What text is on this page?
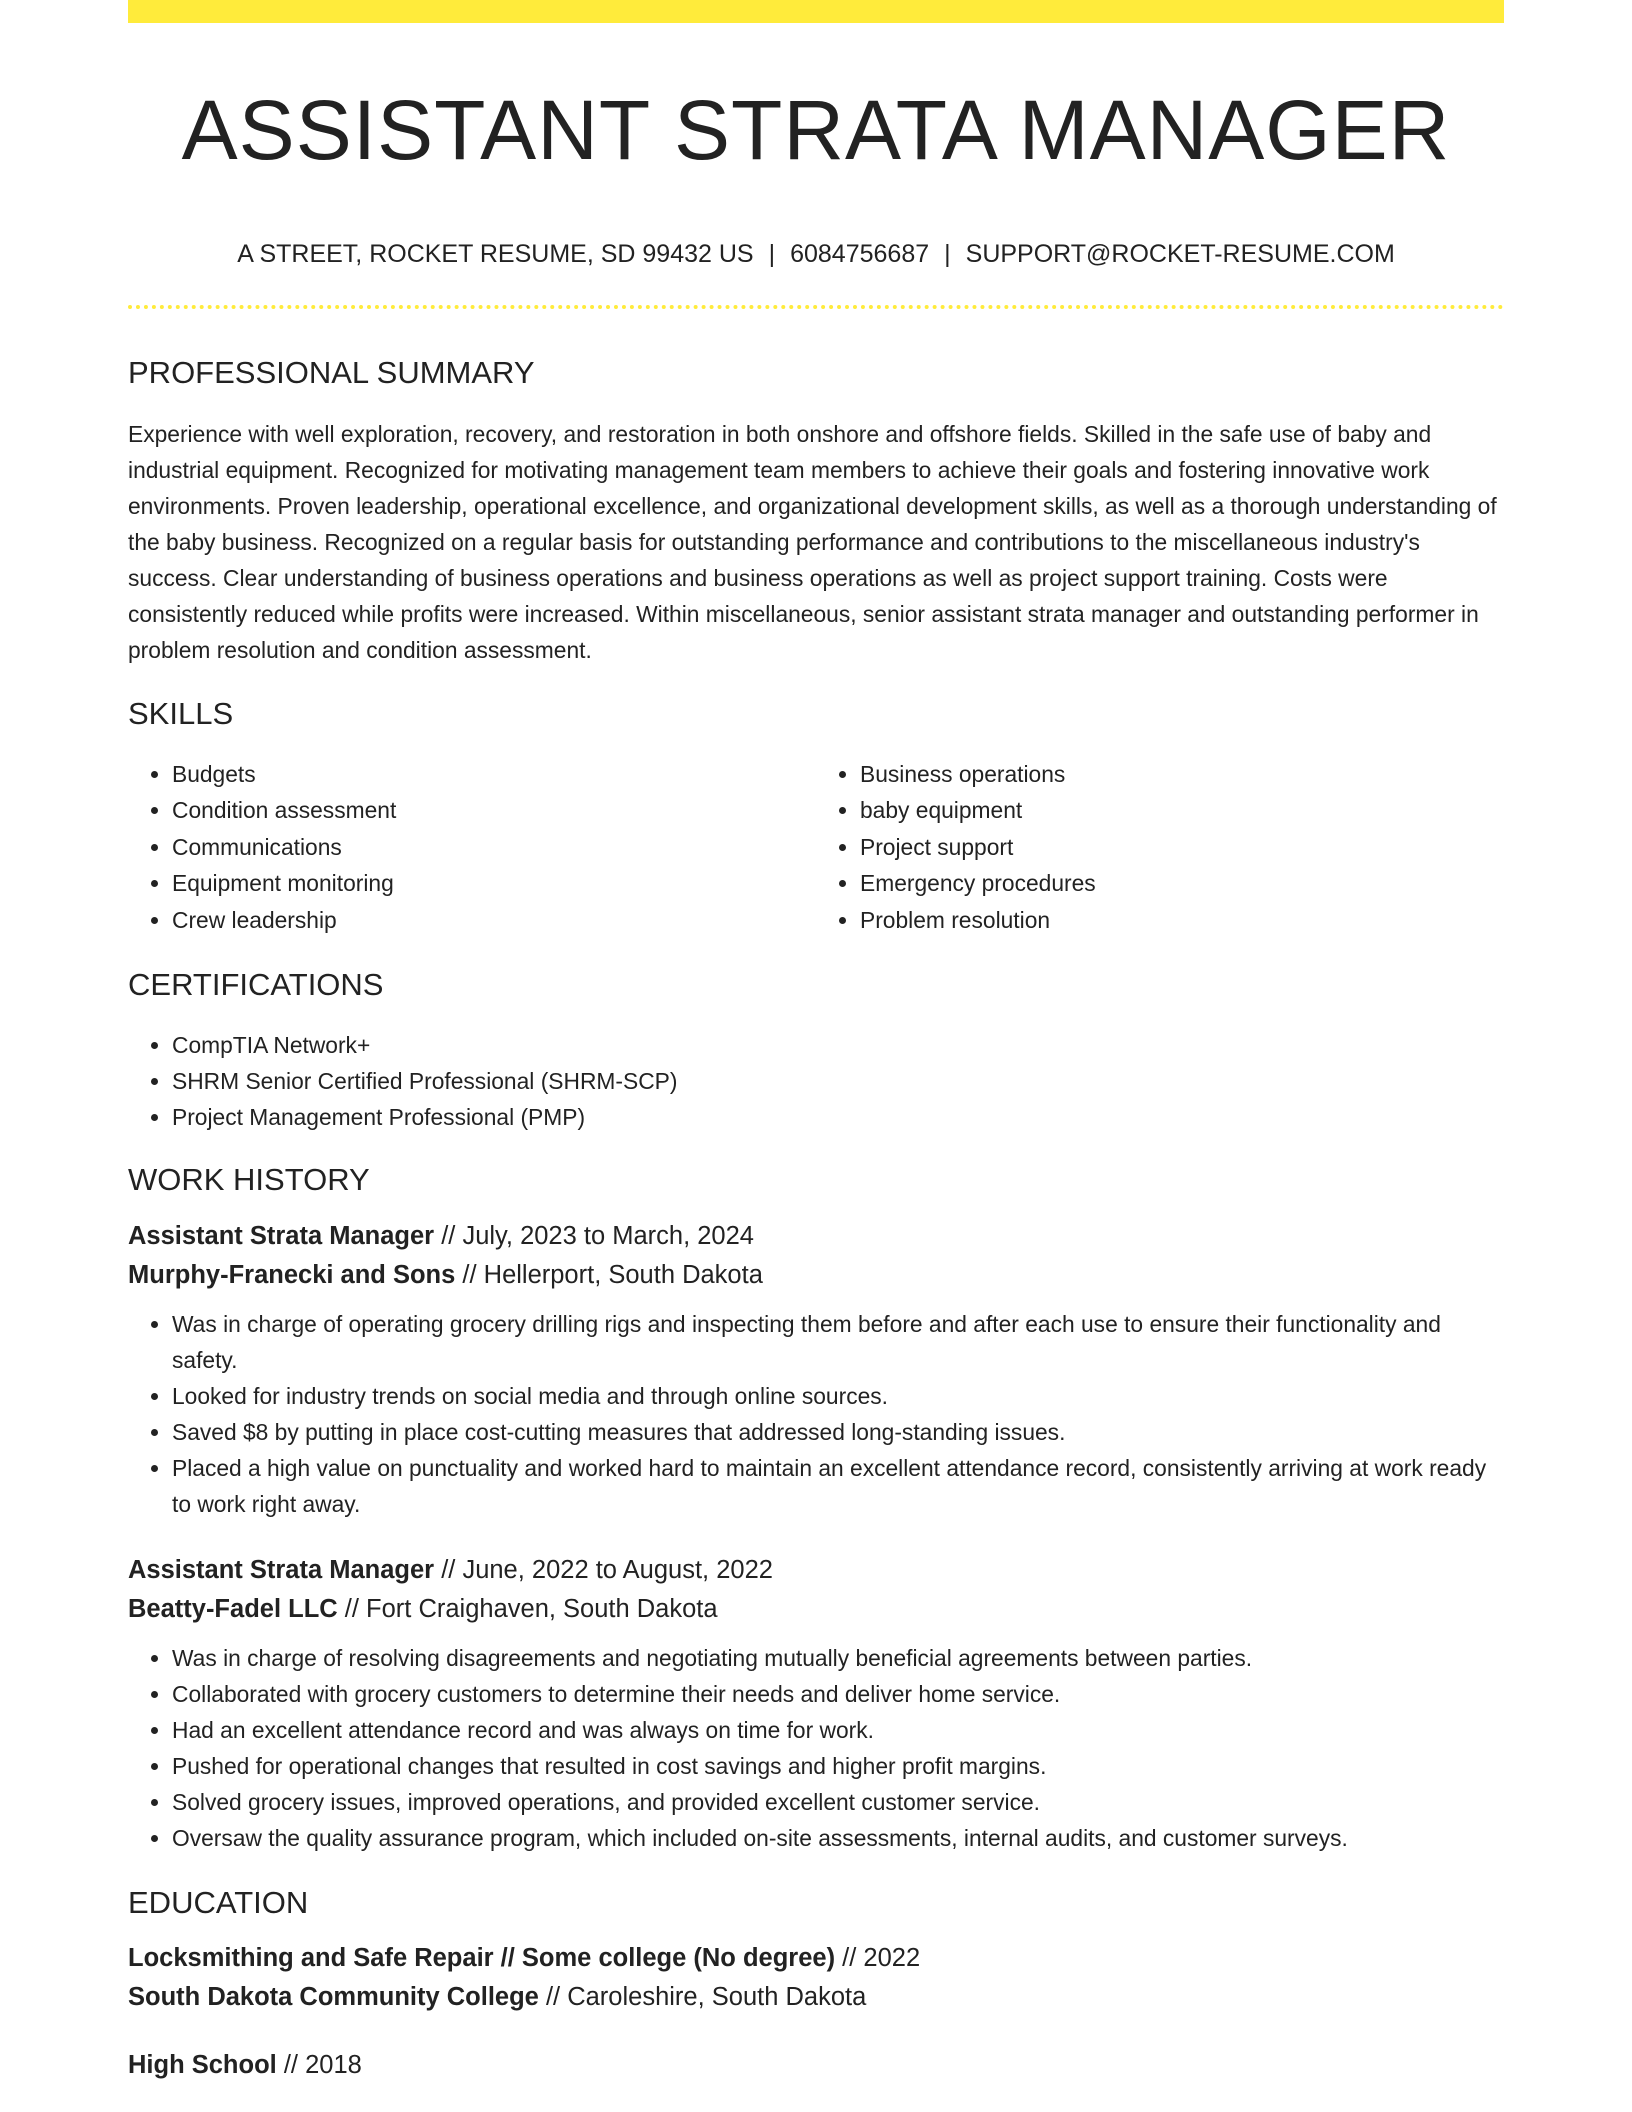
ASSISTANT STRATA MANAGER
A STREET, ROCKET RESUME, SD 99432 US | 6084756687 | SUPPORT@ROCKET-RESUME.COM
PROFESSIONAL SUMMARY

Experience with well exploration, recovery, and restoration in both onshore and offshore fields. Skilled in the safe use of baby and industrial equipment. Recognized for motivating management team members to achieve their goals and fostering innovative work environments. Proven leadership, operational excellence, and organizational development skills, as well as a thorough understanding of the baby business. Recognized on a regular basis for outstanding performance and contributions to the miscellaneous industry's success. Clear understanding of business operations and business operations as well as project support training. Costs were consistently reduced while profits were increased. Within miscellaneous, senior assistant strata manager and outstanding performer in problem resolution and condition assessment.

SKILLS
• Budgets
• Condition assessment
• Communications
• Equipment monitoring
• Crew leadership
• Business operations
• baby equipment
• Project support
• Emergency procedures
• Problem resolution
CERTIFICATIONS
• CompTIA Network+
• SHRM Senior Certified Professional (SHRM-SCP)
• Project Management Professional (PMP)
WORK HISTORY
Assistant Strata Manager // July, 2023 to March, 2024
Murphy-Franecki and Sons // Hellerport, South Dakota
• Was in charge of operating grocery drilling rigs and inspecting them before and after each use to ensure their functionality and safety.
• Looked for industry trends on social media and through online sources.
• Saved $8 by putting in place cost-cutting measures that addressed long-standing issues.
• Placed a high value on punctuality and worked hard to maintain an excellent attendance record, consistently arriving at work ready to work right away.
Assistant Strata Manager // June, 2022 to August, 2022
Beatty-Fadel LLC // Fort Craighaven, South Dakota
• Was in charge of resolving disagreements and negotiating mutually beneficial agreements between parties.
• Collaborated with grocery customers to determine their needs and deliver home service.
• Had an excellent attendance record and was always on time for work.
• Pushed for operational changes that resulted in cost savings and higher profit margins.
• Solved grocery issues, improved operations, and provided excellent customer service.
• Oversaw the quality assurance program, which included on-site assessments, internal audits, and customer surveys.
EDUCATION
Locksmithing and Safe Repair // Some college (No degree) // 2022
South Dakota Community College // Caroleshire, South Dakota
High School // 2018
